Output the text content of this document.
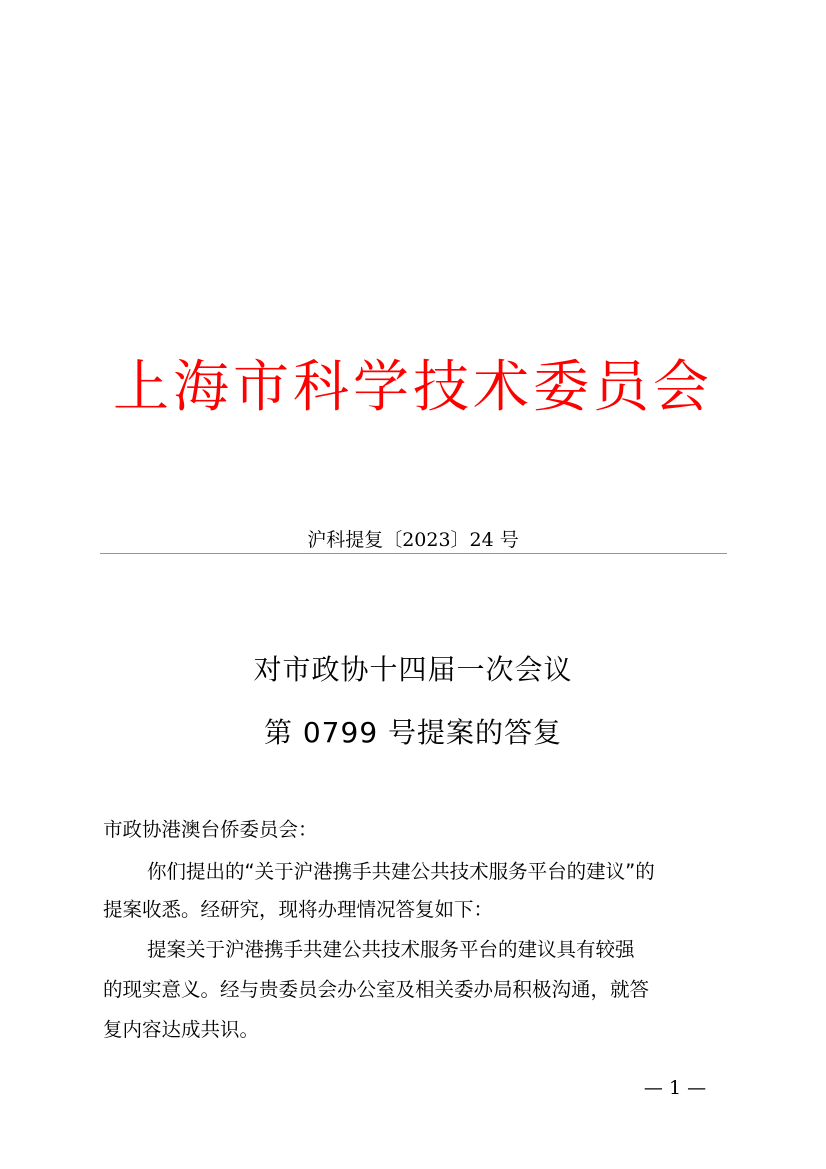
上海市科学技术委员会
沪科提复〔2023〕24 号
对市政协十四届一次会议
第 0799 号提案的答复
市政协港澳台侨委员会：
你们提出的“关于沪港携手共建公共技术服务平台的建议”的
提案收悉。经研究，现将办理情况答复如下：
提案关于沪港携手共建公共技术服务平台的建议具有较强
的现实意义。经与贵委员会办公室及相关委办局积极沟通，就答
复内容达成共识。
— 1 —
